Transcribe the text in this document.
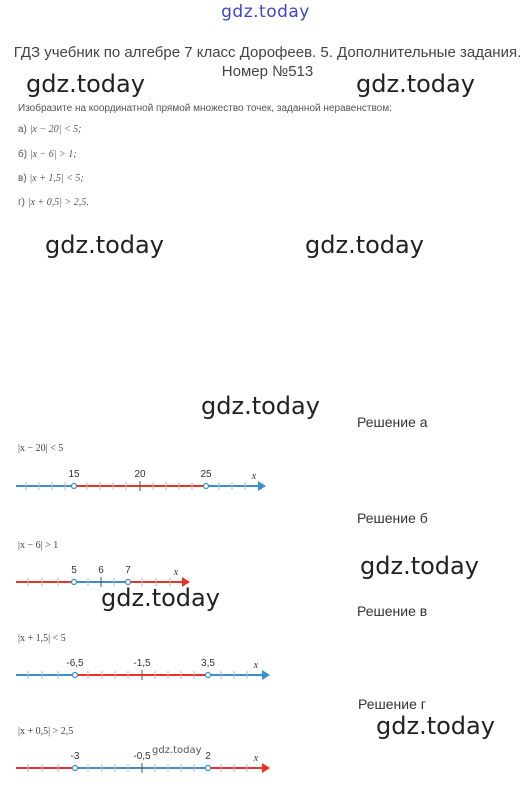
gdz.today
ГДЗ учебник по алгебре 7 класс Дорофеев. 5. Дополнительные задания. Номер №513
gdz.today	gdz.today
gdz.today	gdz.today
gdz.today
gdz.today
gdz.today
gdz.today
gdz.today
Изобразите на координатной прямой множество точек, заданной неравенством:
а) |x − 20| < 5;
б) |x − 6| > 1;
в) |x + 1,5| < 5;
г) |x + 0,5| > 2,5.
Решение а
Решение б
Решение в
Решение г
|x − 20| < 5
|x − 6| > 1
|x + 1,5| < 5
|x + 0,5| > 2,5
15	20	25	x
5 6 7	x
-6,5	-1,5	3,5	x
-3	-0,5	2	x
